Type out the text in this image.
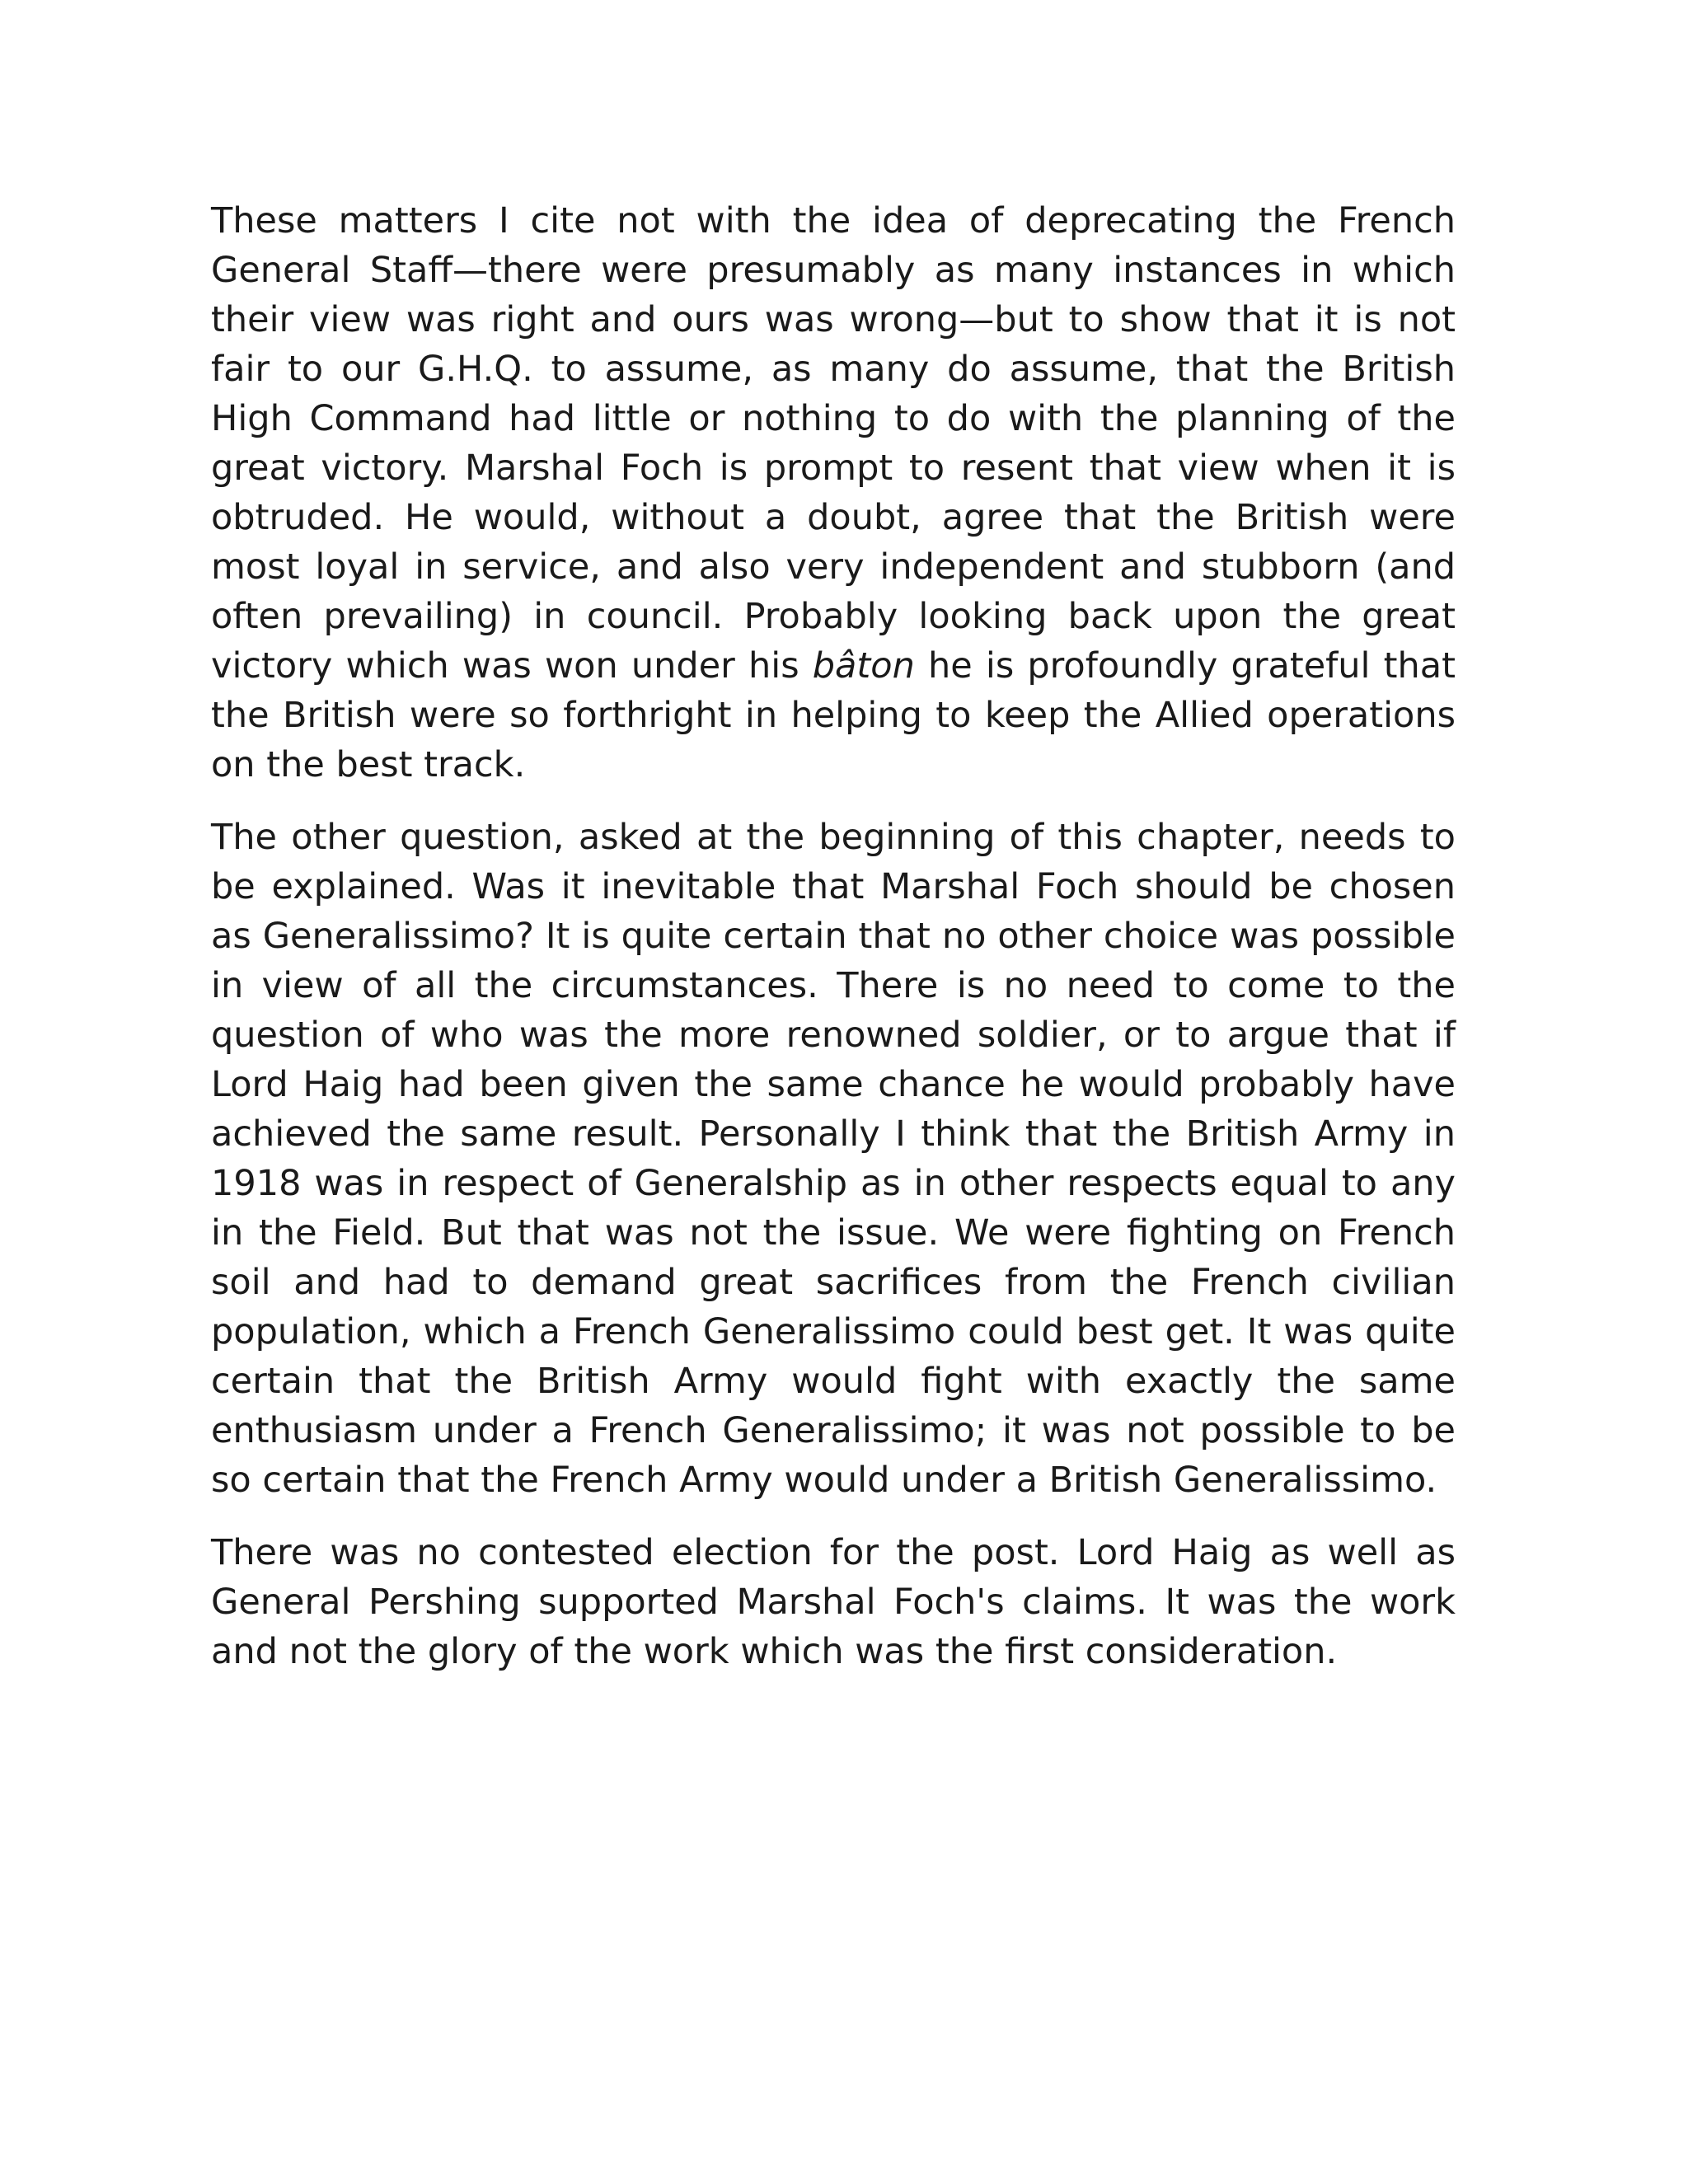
These matters I cite not with the idea of deprecating the French General Staff—there were presumably as many instances in which their view was right and ours was wrong—but to show that it is not fair to our G.H.Q. to assume, as many do assume, that the British High Command had little or nothing to do with the planning of the great victory. Marshal Foch is prompt to resent that view when it is obtruded. He would, without a doubt, agree that the British were most loyal in service, and also very independent and stubborn (and often prevailing) in council. Probably looking back upon the great victory which was won under his bâton he is profoundly grateful that the British were so forthright in helping to keep the Allied operations on the best track.

The other question, asked at the beginning of this chapter, needs to be explained. Was it inevitable that Marshal Foch should be chosen as Generalissimo? It is quite certain that no other choice was possible in view of all the circumstances. There is no need to come to the question of who was the more renowned soldier, or to argue that if Lord Haig had been given the same chance he would probably have achieved the same result. Personally I think that the British Army in 1918 was in respect of Generalship as in other respects equal to any in the Field. But that was not the issue. We were fighting on French soil and had to demand great sacrifices from the French civilian population, which a French Generalissimo could best get. It was quite certain that the British Army would fight with exactly the same enthusiasm under a French Generalissimo; it was not possible to be so certain that the French Army would under a British Generalissimo.

There was no contested election for the post. Lord Haig as well as General Pershing supported Marshal Foch's claims. It was the work and not the glory of the work which was the first consideration.
